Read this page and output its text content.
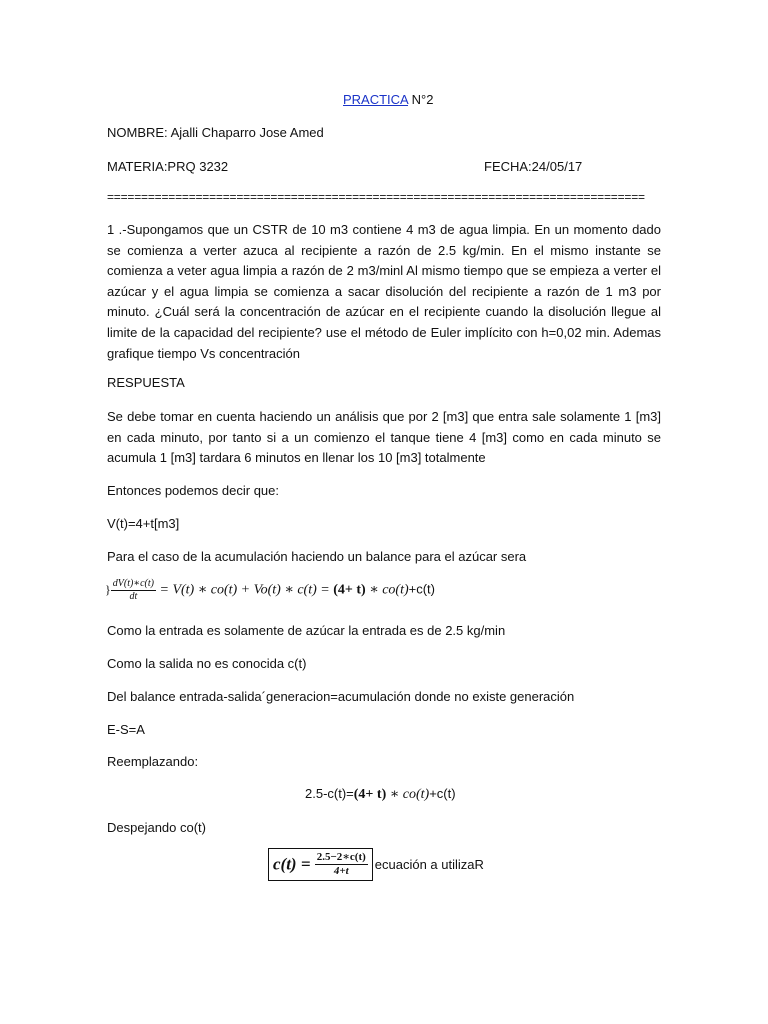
PRACTICA N°2
NOMBRE: Ajalli Chaparro Jose Amed
MATERIA:PRQ 3232	FECHA:24/05/17
===============================================================================
1 .-Supongamos que un CSTR de 10 m3 contiene 4 m3 de agua limpia. En un momento dado se comienza a verter azuca al recipiente a razón de 2.5 kg/min. En el mismo instante se comienza a veter agua limpia a razón de 2 m3/minl Al mismo tiempo que se empieza a verter el azúcar y el agua limpia se comienza a sacar disolución del recipiente a razón de 1 m3 por minuto. ¿Cuál será la concentración de azúcar en el recipiente cuando la disolución llegue al limite de la capacidad del recipiente? use el método de Euler implícito con h=0,02 min. Ademas grafique tiempo Vs concentración
RESPUESTA
Se debe tomar en cuenta haciendo un análisis que por 2 [m3] que entra sale solamente 1 [m3] en cada minuto, por tanto si a un comienzo el tanque tiene 4 [m3] como en cada minuto se acumula 1 [m3] tardara 6 minutos en llenar los 10 [m3] totalmente
Entonces podemos decir que:
V(t)=4+t[m3]
Para el caso de la acumulación haciendo un balance para el azúcar sera
} $\frac{dV(t)∗c(t)}{dt} = V(t)$ ∗ co(t) + Vo(t) ∗ c(t) = (4+ t) ∗ co(t)+c(t)
Como la entrada es solamente de azúcar la entrada es de 2.5 kg/min
Como la salida no es conocida c(t)
Del balance entrada-salida´generacion=acumulación donde no existe generación
E-S=A
Reemplazando:
2.5-c(t)=(4+ t) ∗ co(t)+c(t)
Despejando co(t)
$c(t) = \frac{2.5-2∗c(t)}{4+t}$ ecuación a utilizaR
